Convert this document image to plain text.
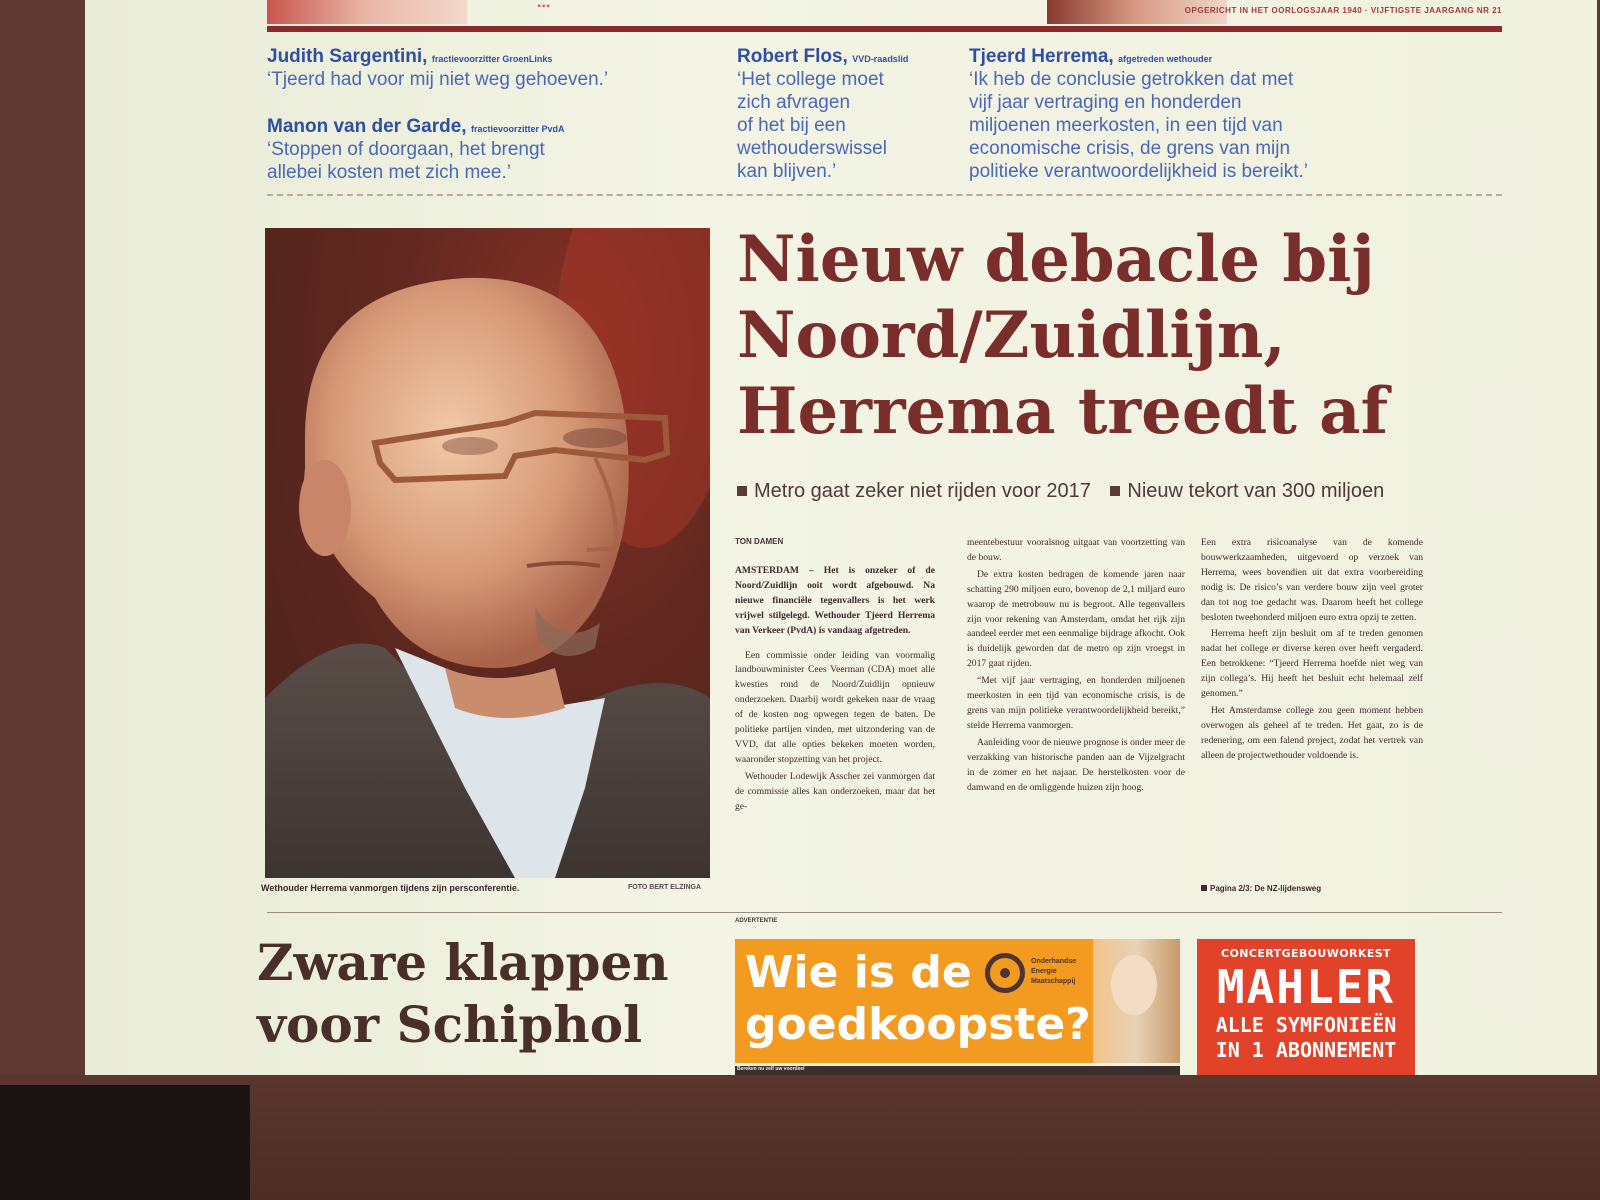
...	OPGERICHT IN HET OORLOGSJAAR 1940 · VIJFTIGSTE JAARGANG NR 21
Judith Sargentini, fractievoorzitter GroenLinks
‘Tjeerd had voor mij niet weg gehoeven.’
Manon van der Garde, fractievoorzitter PvdA
‘Stoppen of doorgaan, het brengt
allebei kosten met zich mee.’
Robert Flos, VVD-raadslid
‘Het college moet
zich afvragen
of het bij een
wethouderswissel
kan blijven.’
Tjeerd Herrema, afgetreden wethouder
‘Ik heb de conclusie getrokken dat met
vijf jaar vertraging en honderden
miljoenen meerkosten, in een tijd van
economische crisis, de grens van mijn
politieke verantwoordelijkheid is bereikt.’
Wethouder Herrema vanmorgen tijdens zijn persconferentie.	FOTO BERT ELZINGA
Nieuw debacle bij
Noord/Zuidlijn,
Herrema treedt af
Metro gaat zeker niet rijden voor 2017 Nieuw tekort van 300 miljoen
TON DAMEN

AMSTERDAM – Het is onzeker of de Noord/Zuidlijn ooit wordt afgebouwd. Na nieuwe financiële tegenvallers is het werk vrijwel stilgelegd. Wethouder Tjeerd Herrema van Verkeer (PvdA) is vandaag afgetreden.

Een commissie onder leiding van voormalig landbouwminister Cees Veerman (CDA) moet alle kwesties rond de Noord/Zuidlijn opnieuw onderzoeken. Daarbij wordt gekeken naar de vraag of de kosten nog opwegen tegen de baten. De politieke partijen vinden, met uitzondering van de VVD, dat alle opties bekeken moeten worden, waaronder stopzetting van het project.

Wethouder Lodewijk Asscher zei vanmorgen dat de commissie alles kan onderzoeken, maar dat het ge-

meentebestuur vooralsnog uitgaat van voortzetting van de bouw.

De extra kosten bedragen de komende jaren naar schatting 290 miljoen euro, bovenop de 2,1 miljard euro waarop de metrobouw nu is begroot. Alle tegenvallers zijn voor rekening van Amsterdam, omdat het rijk zijn aandeel eerder met een eenmalige bijdrage afkocht. Ook is duidelijk geworden dat de metro op zijn vroegst in 2017 gaat rijden.

“Met vijf jaar vertraging, en honderden miljoenen meerkosten in een tijd van economische crisis, is de grens van mijn politieke verantwoordelijkheid bereikt,” stelde Herrema vanmorgen.

Aanleiding voor de nieuwe prognose is onder meer de verzakking van historische panden aan de Vijzelgracht in de zomer en het najaar. De herstelkosten voor de damwand en de omliggende huizen zijn hoog.

Een extra risicoanalyse van de komende bouwwerkzaamheden, uitgevoerd op verzoek van Herrema, wees bovendien uit dat extra voorbereiding nodig is. De risico’s van verdere bouw zijn veel groter dan tot nog toe gedacht was. Daarom heeft het college besloten tweehonderd miljoen euro extra opzij te zetten.

Herrema heeft zijn besluit om af te treden genomen nadat het college er diverse keren over heeft vergaderd. Een betrokkene: “Tjeerd Herrema hoefde niet weg van zijn collega’s. Hij heeft het besluit echt helemaal zelf genomen.”

Het Amsterdamse college zou geen moment hebben overwogen als geheel af te treden. Het gaat, zo is de redenering, om een falend project, zodat het vertrek van alleen de projectwethouder voldoende is.

Pagina 2/3: De NZ-lijdensweg
Zware klappen
voor Schiphol
ADVERTENTIE
Wie is de
goedkoopste?
Onderhandse
Energie
Maatschappij
Bereken nu zelf uw voordeel
CONCERTGEBOUWORKEST
MAHLER
ALLE SYMFONIEËN
IN 1 ABONNEMENT
